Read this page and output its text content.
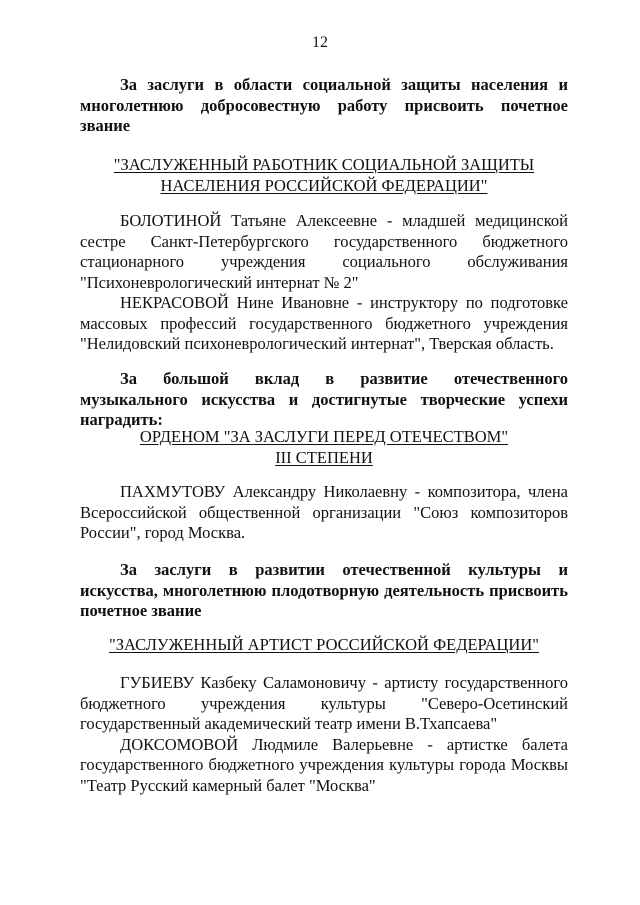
12
За заслуги в области социальной защиты населения и многолетнюю добросовестную работу присвоить почетное звание
"ЗАСЛУЖЕННЫЙ РАБОТНИК СОЦИАЛЬНОЙ ЗАЩИТЫ
НАСЕЛЕНИЯ РОССИЙСКОЙ ФЕДЕРАЦИИ"

БОЛОТИНОЙ Татьяне Алексеевне - младшей медицинской сестре Санкт-Петербургского государственного бюджетного стационарного учреждения социального обслуживания "Психоневрологический интернат № 2"

НЕКРАСОВОЙ Нине Ивановне - инструктору по подготовке массовых профессий государственного бюджетного учреждения "Нелидовский психоневрологический интернат", Тверская область.

За большой вклад в развитие отечественного музыкального искусства и достигнутые творческие успехи наградить:
ОРДЕНОМ "ЗА ЗАСЛУГИ ПЕРЕД ОТЕЧЕСТВОМ"
III СТЕПЕНИ

ПАХМУТОВУ Александру Николаевну - композитора, члена Всероссийской общественной организации "Союз композиторов России", город Москва.

За заслуги в развитии отечественной культуры и искусства, многолетнюю плодотворную деятельность присвоить почетное звание
"ЗАСЛУЖЕННЫЙ АРТИСТ РОССИЙСКОЙ ФЕДЕРАЦИИ"

ГУБИЕВУ Казбеку Саламоновичу - артисту государственного бюджетного учреждения культуры "Северо-Осетинский государственный академический театр имени В.Тхапсаева"

ДОКСОМОВОЙ Людмиле Валерьевне - артистке балета государственного бюджетного учреждения культуры города Москвы "Театр Русский камерный балет "Москва"
